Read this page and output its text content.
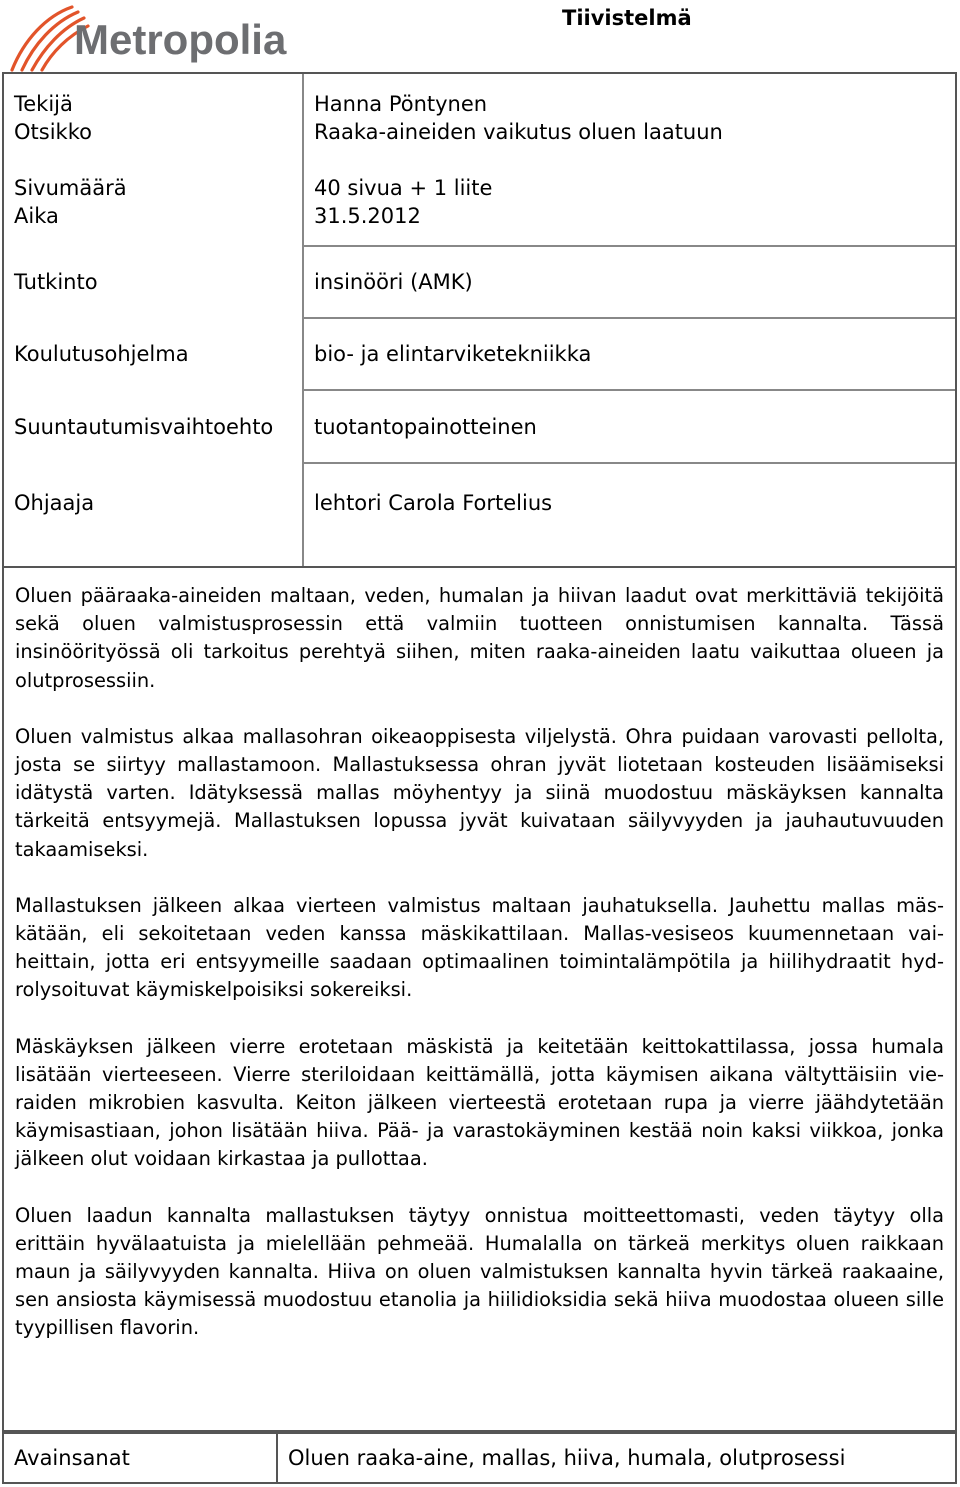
Metropolia	Tiivistelmä
Tekijä	Hanna Pöntynen
Otsikko	Raaka-aineiden vaikutus oluen laatuun
Sivumäärä	40 sivua + 1 liite
Aika	31.5.2012
Tutkinto	insinööri (AMK)
Koulutusohjelma	bio- ja elintarviketekniikka
Suuntautumisvaihtoehto tuotantopainotteinen
Ohjaaja	lehtori Carola Fortelius

Oluen pääraaka-aineiden maltaan, veden, humalan ja hiivan laadut ovat merkittäviä tekijöitä sekä oluen valmistusprosessin että valmiin tuotteen onnistumisen kannalta. Tässä insinöörityössä oli tarkoitus perehtyä siihen, miten raaka-aineiden laatu vaikuttaa olueen ja olutprosessiin.

Oluen valmistus alkaa mallasohran oikeaoppisesta viljelystä. Ohra puidaan varovasti pellolta, josta se siirtyy mallastamoon. Mallastuksessa ohran jyvät liotetaan kosteuden lisäämiseksi idätystä varten. Idätyksessä mallas möyhentyy ja siinä muodostuu mäskäyksen kannalta tärkeitä entsyymejä. Mallastuksen lopussa jyvät kuivataan säilyvyyden ja jauhautuvuuden takaamiseksi.

Mallastuksen jälkeen alkaa vierteen valmistus maltaan jauhatuksella. Jauhettu mallas mäskätään, eli sekoitetaan veden kanssa mäskikattilaan. Mallas-vesiseos kuumennetaan vaiheittain, jotta eri entsyymeille saadaan optimaalinen toimintalämpötila ja hiilihydraatit hydrolysoituvat käymiskelpoisiksi sokereiksi.

Mäskäyksen jälkeen vierre erotetaan mäskistä ja keitetään keittokattilassa, jossa humala lisätään vierteeseen. Vierre steriloidaan keittämällä, jotta käymisen aikana vältyttäisiin vieraiden mikrobien kasvulta. Keiton jälkeen vierteestä erotetaan rupa ja vierre jäähdytetään käymisastiaan, johon lisätään hiiva. Pää- ja varastokäyminen kestää noin kaksi viikkoa, jonka jälkeen olut voidaan kirkastaa ja pullottaa.

Oluen laadun kannalta mallastuksen täytyy onnistua moitteettomasti, veden täytyy olla erittäin hyvälaatuista ja mielellään pehmeää. Humalalla on tärkeä merkitys oluen raikkaan maun ja säilyvyyden kannalta. Hiiva on oluen valmistuksen kannalta hyvin tärkeä raakaaine, sen ansiosta käymisessä muodostuu etanolia ja hiilidioksidia sekä hiiva muodostaa olueen sille tyypillisen flavorin.

Avainsanat	Oluen raaka-aine, mallas, hiiva, humala, olutprosessi
